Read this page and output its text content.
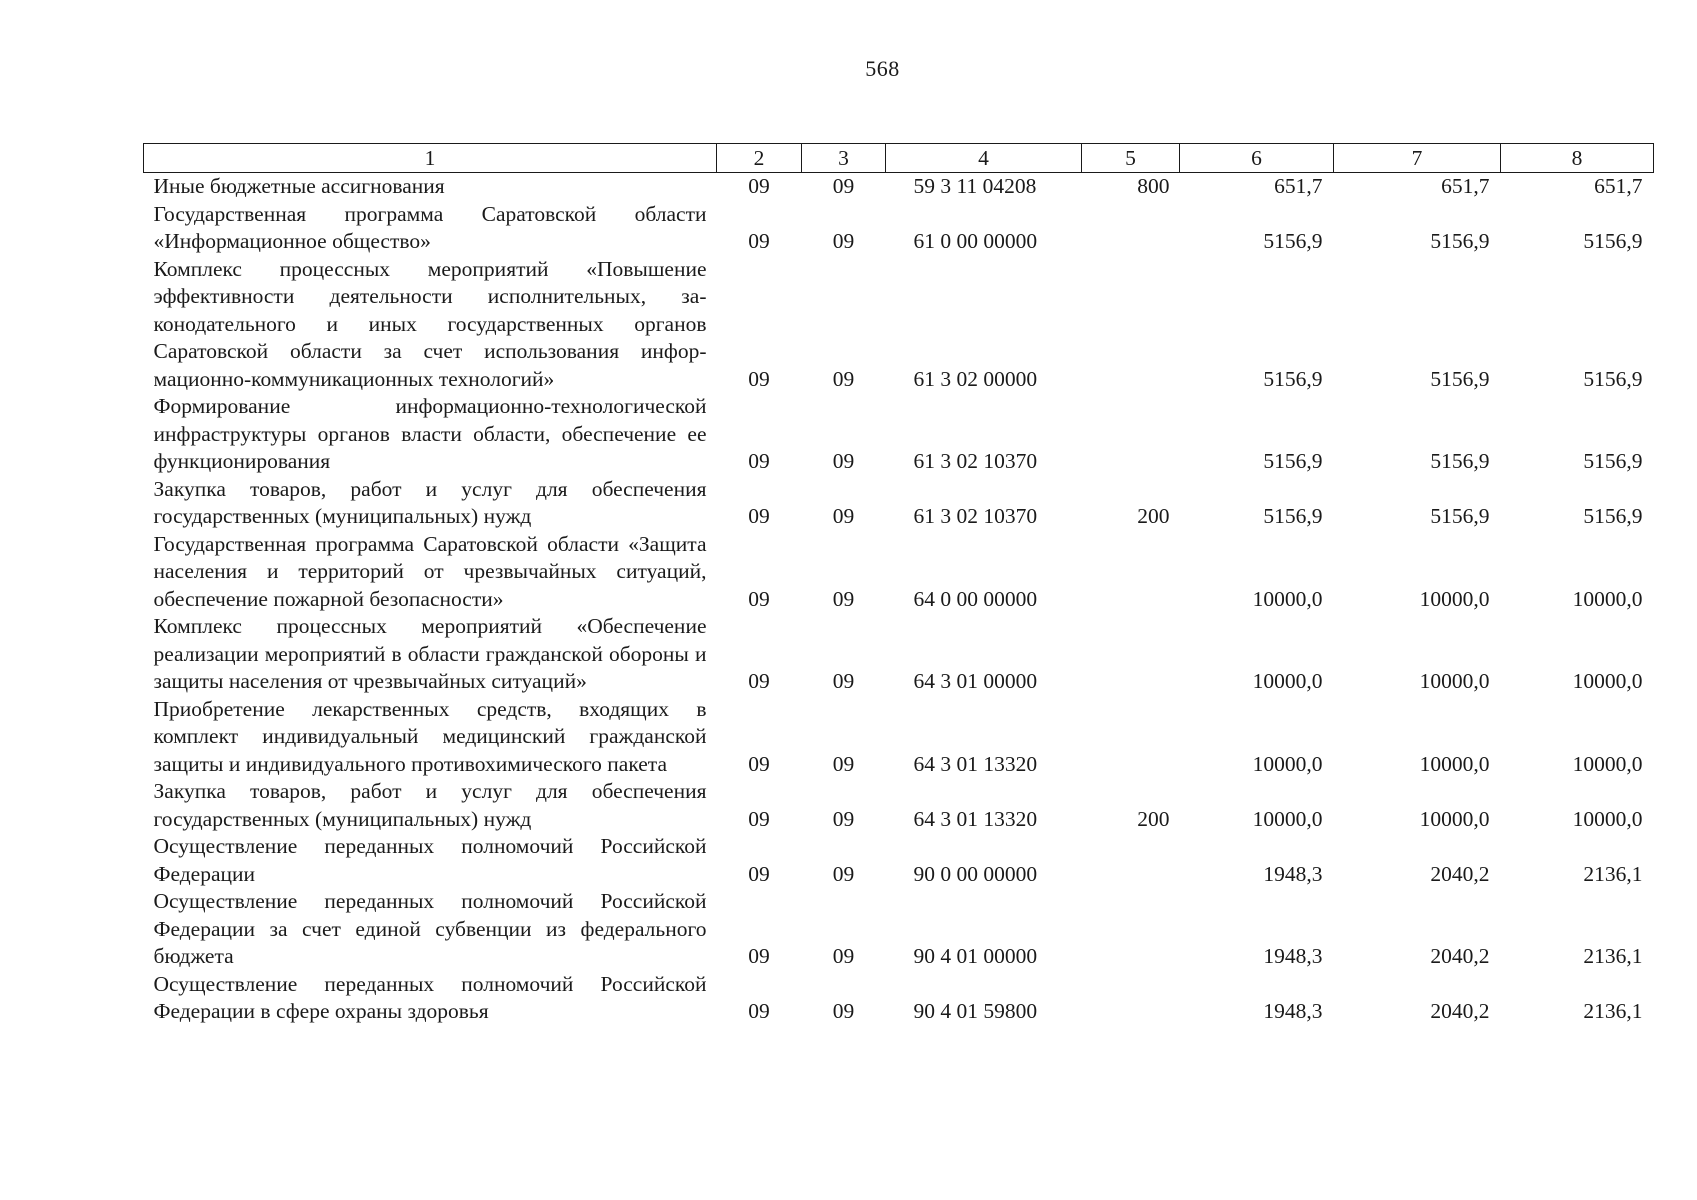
568
1	2	3	4	5	6	7	8
Иные бюджетные ассигнования	09	09	59 3 11 04208	800	651,7	651,7	651,7
Государственная программа Саратовской области «Информационное общество»	09	09	61 0 00 00000		5156,9	5156,9	5156,9
Комплекс процессных мероприятий «Повышение эффективности деятельности исполнительных, законодательного и иных государственных органов Саратовской области за счет использования информационно-коммуникационных технологий»	09	09	61 3 02 00000		5156,9	5156,9	5156,9
Формирование информационно-технологической инфраструктуры органов власти области, обеспечение ее функционирования	09	09	61 3 02 10370		5156,9	5156,9	5156,9
Закупка товаров, работ и услуг для обеспечения государственных (муниципальных) нужд	09	09	61 3 02 10370	200	5156,9	5156,9	5156,9
Государственная программа Саратовской области «Защита населения и территорий от чрезвычайных ситуаций, обеспечение пожарной безопасности»	09	09	64 0 00 00000		10000,0	10000,0	10000,0
Комплекс процессных мероприятий «Обеспечение реализации мероприятий в области гражданской обороны и защиты населения от чрезвычайных ситуаций»	09	09	64 3 01 00000		10000,0	10000,0	10000,0
Приобретение лекарственных средств, входящих в комплект индивидуальный медицинский гражданской защиты и индивидуального противохимического пакета	09	09	64 3 01 13320		10000,0	10000,0	10000,0
Закупка товаров, работ и услуг для обеспечения государственных (муниципальных) нужд	09	09	64 3 01 13320	200	10000,0	10000,0	10000,0
Осуществление переданных полномочий Российской Федерации	09	09	90 0 00 00000		1948,3	2040,2	2136,1
Осуществление переданных полномочий Российской Федерации за счет единой субвенции из федерального бюджета	09	09	90 4 01 00000		1948,3	2040,2	2136,1
Осуществление переданных полномочий Российской Федерации в сфере охраны здоровья	09	09	90 4 01 59800		1948,3	2040,2	2136,1
